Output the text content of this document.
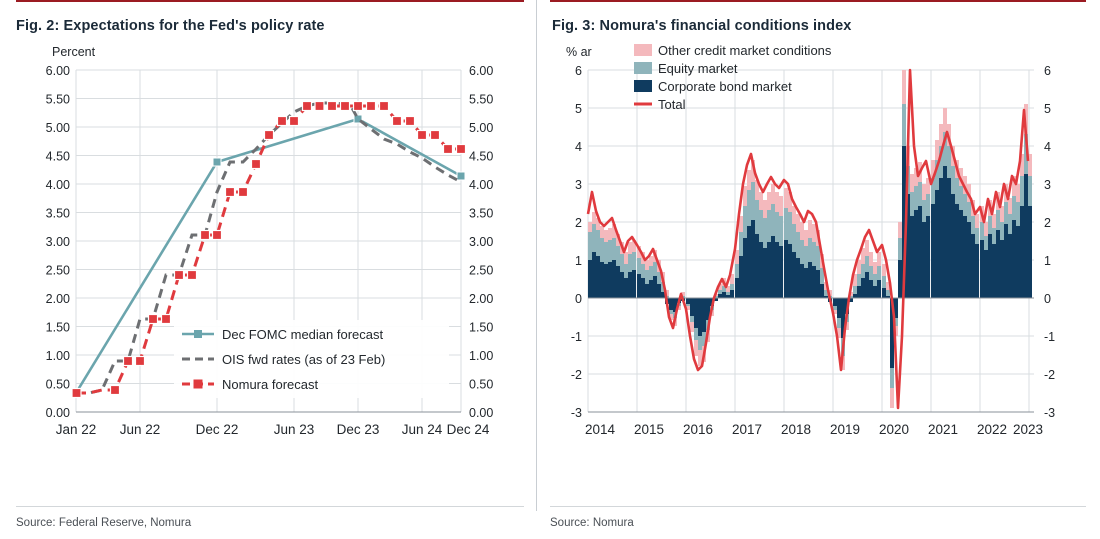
Fig. 2: Expectations for the Fed's policy rate
Percent
6.00
5.50
5.00
4.50
4.00
3.50
3.00
2.50
2.00
1.50
1.00
0.50
0.00
6.00
5.50
5.00
4.50
4.00
3.50
3.00
2.50
2.00
1.50
1.00
0.50
0.00
Jan 22 Jun 22	Dec 22	Jun 23 Dec 23 Jun 24 Dec 24
Dec FOMC median forecast
OIS fwd rates (as of 23 Feb)
Nomura forecast
Source: Federal Reserve, Nomura
Fig. 3: Nomura's financial conditions index
% ar
6
5
4
3
2
1
0
-1
-2
-3
6
5
4
3
2
1
0
-1
-2
-3
2014 2015 2016 2017 2018 2019 2020 2021 2022 2023
Other credit market conditions
Equity market
Corporate bond market
Total
Source: Nomura
